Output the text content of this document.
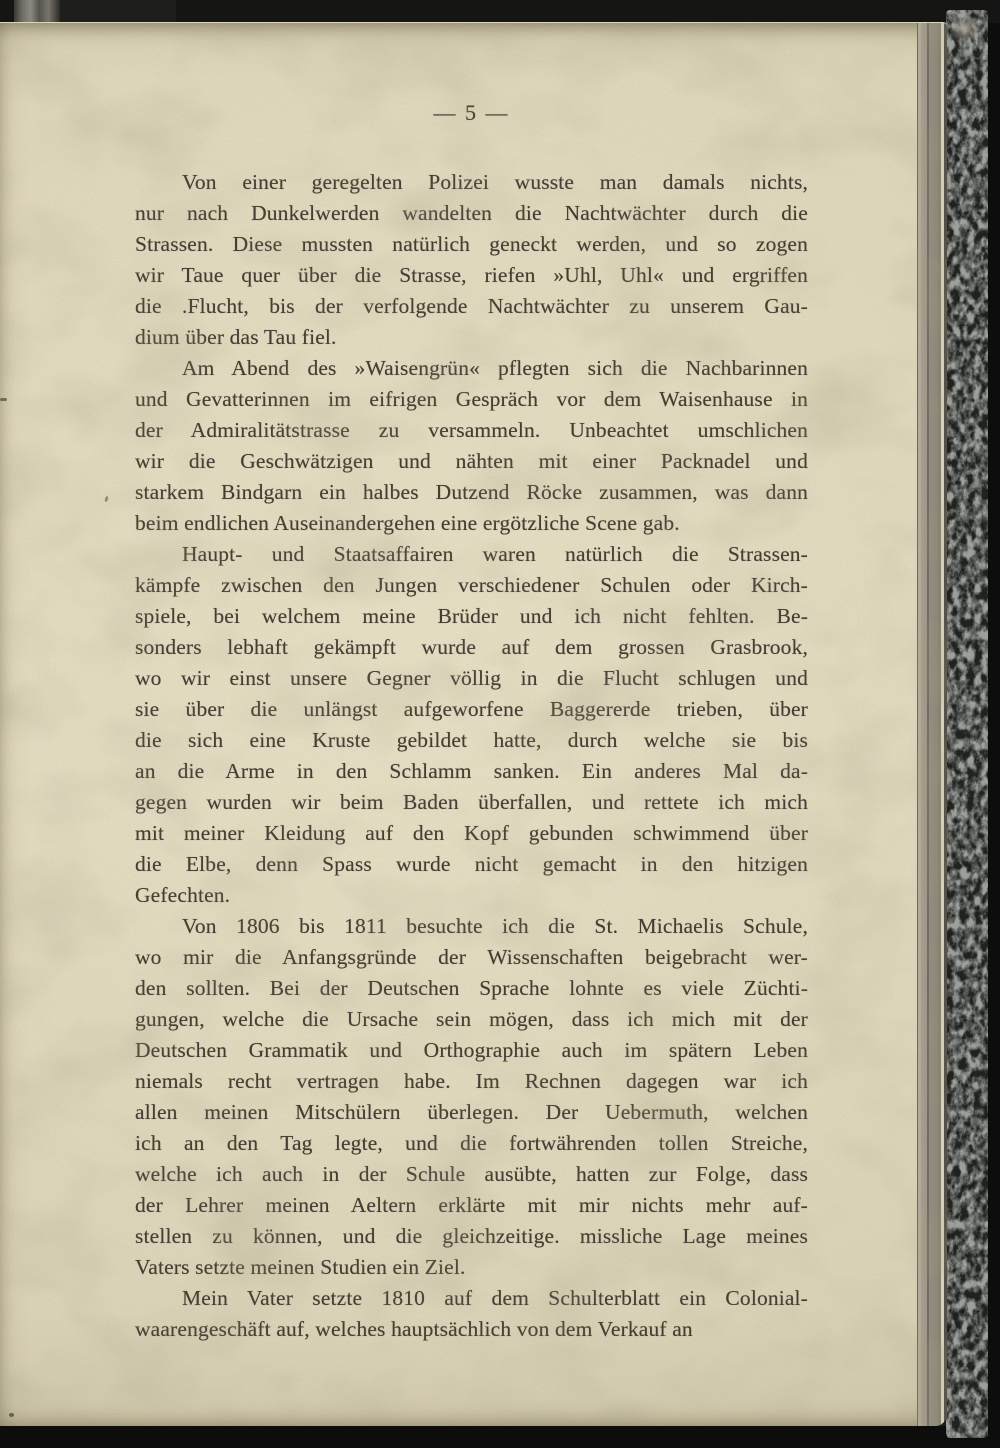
— 5 —
Von einer geregelten Polizei wusste man damals nichts,
nur nach Dunkelwerden wandelten die Nachtwächter durch die
Strassen. Diese mussten natürlich geneckt werden, und so zogen
wir Taue quer über die Strasse, riefen »Uhl, Uhl« und ergriffen
die .Flucht, bis der verfolgende Nachtwächter zu unserem Gau-
dium über das Tau fiel.
Am Abend des »Waisengrün« pflegten sich die Nachbarinnen
und Gevatterinnen im eifrigen Gespräch vor dem Waisenhause in
der Admiralitätstrasse zu versammeln. Unbeachtet umschlichen
wir die Geschwätzigen und nähten mit einer Packnadel und
starkem Bindgarn ein halbes Dutzend Röcke zusammen, was dann
beim endlichen Auseinandergehen eine ergötzliche Scene gab.
Haupt- und Staatsaffairen waren natürlich die Strassen-
kämpfe zwischen den Jungen verschiedener Schulen oder Kirch-
spiele, bei welchem meine Brüder und ich nicht fehlten. Be-
sonders lebhaft gekämpft wurde auf dem grossen Grasbrook,
wo wir einst unsere Gegner völlig in die Flucht schlugen und
sie über die unlängst aufgeworfene Baggererde trieben, über
die sich eine Kruste gebildet hatte, durch welche sie bis
an die Arme in den Schlamm sanken. Ein anderes Mal da-
gegen wurden wir beim Baden überfallen, und rettete ich mich
mit meiner Kleidung auf den Kopf gebunden schwimmend über
die Elbe, denn Spass wurde nicht gemacht in den hitzigen
Gefechten.
Von 1806 bis 1811 besuchte ich die St. Michaelis Schule,
wo mir die Anfangsgründe der Wissenschaften beigebracht wer-
den sollten. Bei der Deutschen Sprache lohnte es viele Züchti-
gungen, welche die Ursache sein mögen, dass ich mich mit der
Deutschen Grammatik und Orthographie auch im spätern Leben
niemals recht vertragen habe. Im Rechnen dagegen war ich
allen meinen Mitschülern überlegen. Der Uebermuth, welchen
ich an den Tag legte, und die fortwährenden tollen Streiche,
welche ich auch in der Schule ausübte, hatten zur Folge, dass
der Lehrer meinen Aeltern erklärte mit mir nichts mehr auf-
stellen zu können, und die gleichzeitige. missliche Lage meines
Vaters setzte meinen Studien ein Ziel.
Mein Vater setzte 1810 auf dem Schulterblatt ein Colonial-
waarengeschäft auf, welches hauptsächlich von dem Verkauf an
